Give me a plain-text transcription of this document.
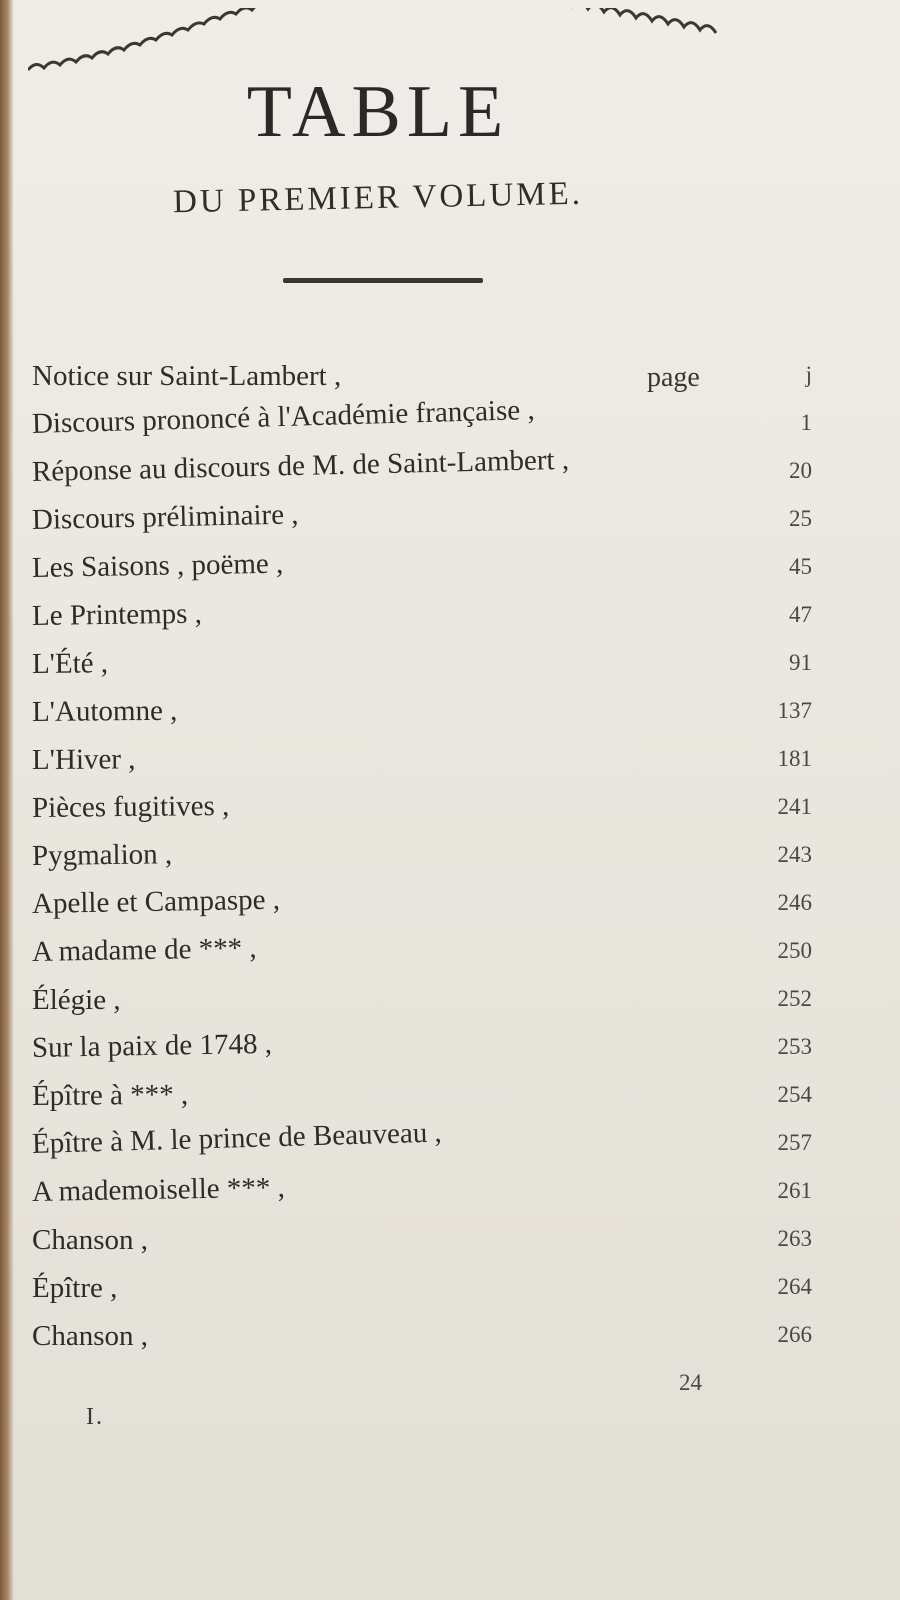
TABLE
DU PREMIER VOLUME.
page
Notice sur Saint-Lambert ,	j
Discours prononcé à l'Académie française ,	1
Réponse au discours de M. de Saint-Lambert ,	20
Discours préliminaire ,	25
Les Saisons , poëme ,	45
Le Printemps ,	47
L'Été ,	91
L'Automne ,	137
L'Hiver ,	181
Pièces fugitives ,	241
Pygmalion ,	243
Apelle et Campaspe ,	246
A madame de *** ,	250
Élégie ,	252
Sur la paix de 1748 ,	253
Épître à *** ,	254
Épître à M. le prince de Beauveau ,	257
A mademoiselle *** ,	261
Chanson ,	263
Épître ,	264
Chanson ,	266
24
I.
